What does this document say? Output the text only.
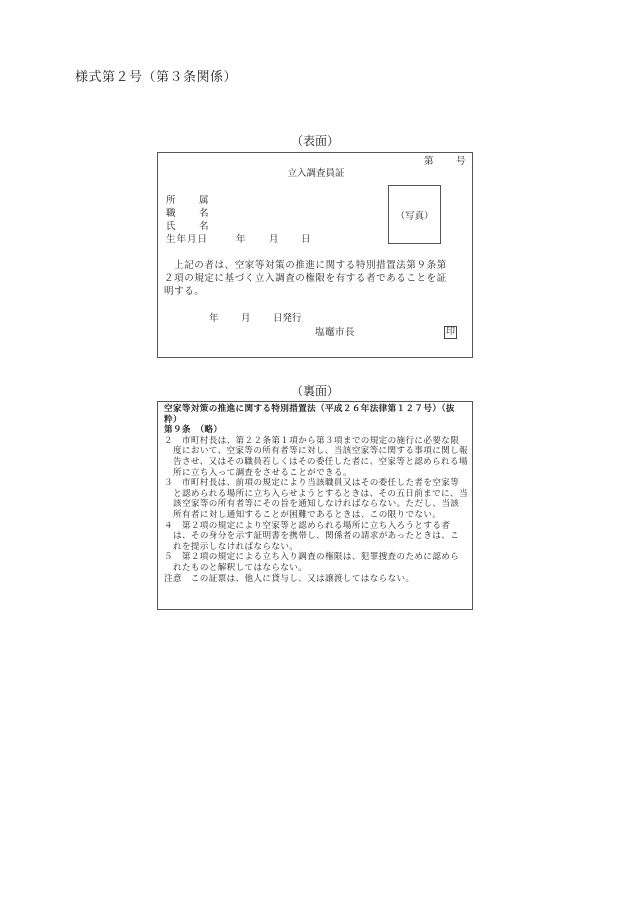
様式第２号（第３条関係）
（表面）
第 号
立入調査員証
所 属
職 名
氏 名
生年月日	年 月 日
（写真）
　上記の者は、空家等対策の推進に関する特別措置法第９条第
２項の規定に基づく立入調査の権限を有する者であることを証
明する。
年 月 日発行
塩竈市長	印
（裏面）

空家等対策の推進に関する特別措置法（平成２６年法律第１２７号）（抜粋）

第９条　（略）

２　市町村長は、第２２条第１項から第３項までの規定の施行に必要な限度において、空家等の所有者等に対し、当該空家等に関する事項に関し報告させ、又はその職員若しくはその委任した者に、空家等と認められる場所に立ち入って調査をさせることができる。

３　市町村長は、前項の規定により当該職員又はその委任した者を空家等と認められる場所に立ち入らせようとするときは、その五日前までに、当該空家等の所有者等にその旨を通知しなければならない。ただし、当該所有者に対し通知することが困難であるときは、この限りでない。

４　第２項の規定により空家等と認められる場所に立ち入ろうとする者は、その身分を示す証明書を携帯し、関係者の請求があったときは、これを提示しなければならない。

５　第２項の規定による立ち入り調査の権限は、犯罪捜査のために認められたものと解釈してはならない。

注意　この証票は、他人に貸与し、又は譲渡してはならない。
